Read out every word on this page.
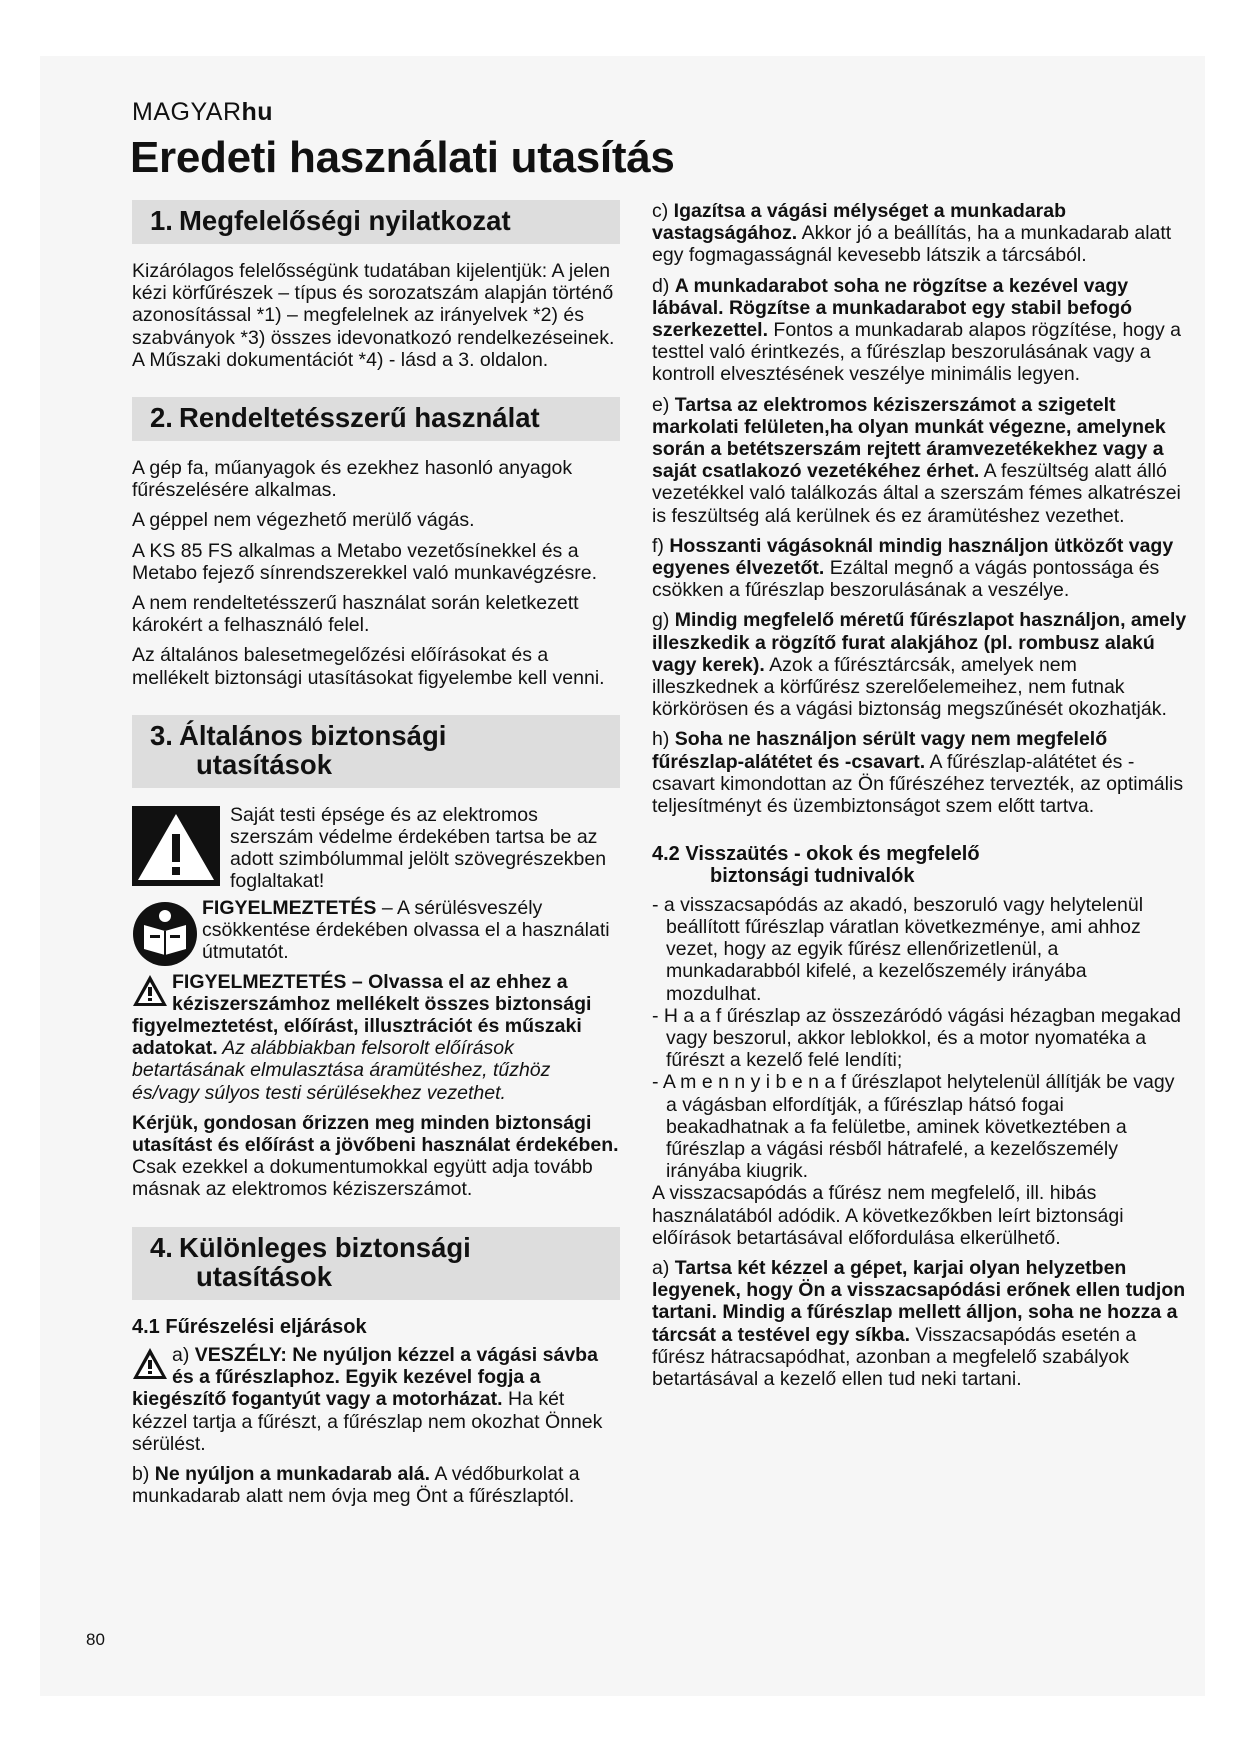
MAGYARhu
Eredeti használati utasítás
1. Megfelelőségi nyilatkozat

Kizárólagos felelősségünk tudatában kijelentjük: A jelen kézi körfűrészek – típus és sorozatszám alapján történő azonosítással *1) – megfelelnek az irányelvek *2) és szabványok *3) összes idevonatkozó rendelkezéseinek. A Műszaki dokumentációt *4) - lásd a 3. oldalon.

2. Rendeltetésszerű használat

A gép fa, műanyagok és ezekhez hasonló anyagok fűrészelésére alkalmas.

A géppel nem végezhető merülő vágás.

A KS 85 FS alkalmas a Metabo vezetősínekkel és a Metabo fejező sínrendszerekkel való munkavégzésre.

A nem rendeltetésszerű használat során keletkezett károkért a felhasználó felel.

Az általános balesetmegelőzési előírásokat és a mellékelt biztonsági utasításokat figyelembe kell venni.

3. Általános biztonsági
utasítások
Saját testi épsége és az elektromos szerszám védelme érdekében tartsa be az adott szimbólummal jelölt szövegrészekben foglaltakat!
FIGYELMEZTETÉS – A sérülésveszély csökkentése érdekében olvassa el a használati útmutatót.

FIGYELMEZTETÉS – Olvassa el az ehhez a kéziszerszámhoz mellékelt összes biztonsági figyelmeztetést, előírást, illusztrációt és műszaki adatokat. Az alábbiakban felsorolt előírások betartásának elmulasztása áramütéshez, tűzhöz és/vagy súlyos testi sérülésekhez vezethet.

Kérjük, gondosan őrizzen meg minden biztonsági utasítást és előírást a jövőbeni használat érdekében.

Csak ezekkel a dokumentumokkal együtt adja tovább másnak az elektromos kéziszerszámot.

4. Különleges biztonsági
utasítások

4.1 Fűrészelési eljárások

a) VESZÉLY: Ne nyúljon kézzel a vágási sávba és a fűrészlaphoz. Egyik kezével fogja a kiegészítő fogantyút vagy a motorházat. Ha két kézzel tartja a fűrészt, a fűrészlap nem okozhat Önnek sérülést.

b) Ne nyúljon a munkadarab alá. A védőburkolat a munkadarab alatt nem óvja meg Önt a fűrészlaptól.

c) Igazítsa a vágási mélységet a munkadarab vastagságához. Akkor jó a beállítás, ha a munkadarab alatt egy fogmagasságnál kevesebb látszik a tárcsából.

d) A munkadarabot soha ne rögzítse a kezével vagy lábával. Rögzítse a munkadarabot egy stabil befogó szerkezettel. Fontos a munkadarab alapos rögzítése, hogy a testtel való érintkezés, a fűrészlap beszorulásának vagy a kontroll elvesztésének veszélye minimális legyen.

e) Tartsa az elektromos kéziszerszámot a szigetelt markolati felületen,ha olyan munkát végezne, amelynek során a betétszerszám rejtett áramvezetékekhez vagy a saját csatlakozó vezetékéhez érhet. A feszültség alatt álló vezetékkel való találkozás által a szerszám fémes alkatrészei is feszültség alá kerülnek és ez áramütéshez vezethet.

f) Hosszanti vágásoknál mindig használjon ütközőt vagy egyenes élvezetőt. Ezáltal megnő a vágás pontossága és csökken a fűrészlap beszorulásának a veszélye.

g) Mindig megfelelő méretű fűrészlapot használjon, amely illeszkedik a rögzítő furat alakjához (pl. rombusz alakú vagy kerek). Azok a fűrésztárcsák, amelyek nem illeszkednek a körfűrész szerelőelemeihez, nem futnak körkörösen és a vágási biztonság megszűnését okozhatják.

h) Soha ne használjon sérült vagy nem megfelelő fűrészlap-alátétet és -csavart. A fűrészlap-alátétet és -csavart kimondottan az Ön fűrészéhez tervezték, az optimális teljesítményt és üzembiztonságot szem előtt tartva.

4.2 Visszaütés - okok és megfelelő
biztonsági tudnivalók

- a visszacsapódás az akadó, beszoruló vagy helytelenül beállított fűrészlap váratlan következménye, ami ahhoz vezet, hogy az egyik fűrész ellenőrizetlenül, a munkadarabból kifelé, a kezelőszemély irányába mozdulhat.

- H a a f űrészlap az összezáródó vágási hézagban megakad vagy beszorul, akkor leblokkol, és a motor nyomatéka a fűrészt a kezelő felé lendíti;

- A m e n n y i b e n a f űrészlapot helytelenül állítják be vagy a vágásban elfordítják, a fűrészlap hátsó fogai beakadhatnak a fa felületbe, aminek következtében a fűrészlap a vágási résből hátrafelé, a kezelőszemély irányába kiugrik.

A visszacsapódás a fűrész nem megfelelő, ill. hibás használatából adódik. A következőkben leírt biztonsági előírások betartásával előfordulása elkerülhető.

a) Tartsa két kézzel a gépet, karjai olyan helyzetben legyenek, hogy Ön a visszacsapódási erőnek ellen tudjon tartani. Mindig a fűrészlap mellett álljon, soha ne hozza a tárcsát a testével egy síkba. Visszacsapódás esetén a fűrész hátracsapódhat, azonban a megfelelő szabályok betartásával a kezelő ellen tud neki tartani.

80
